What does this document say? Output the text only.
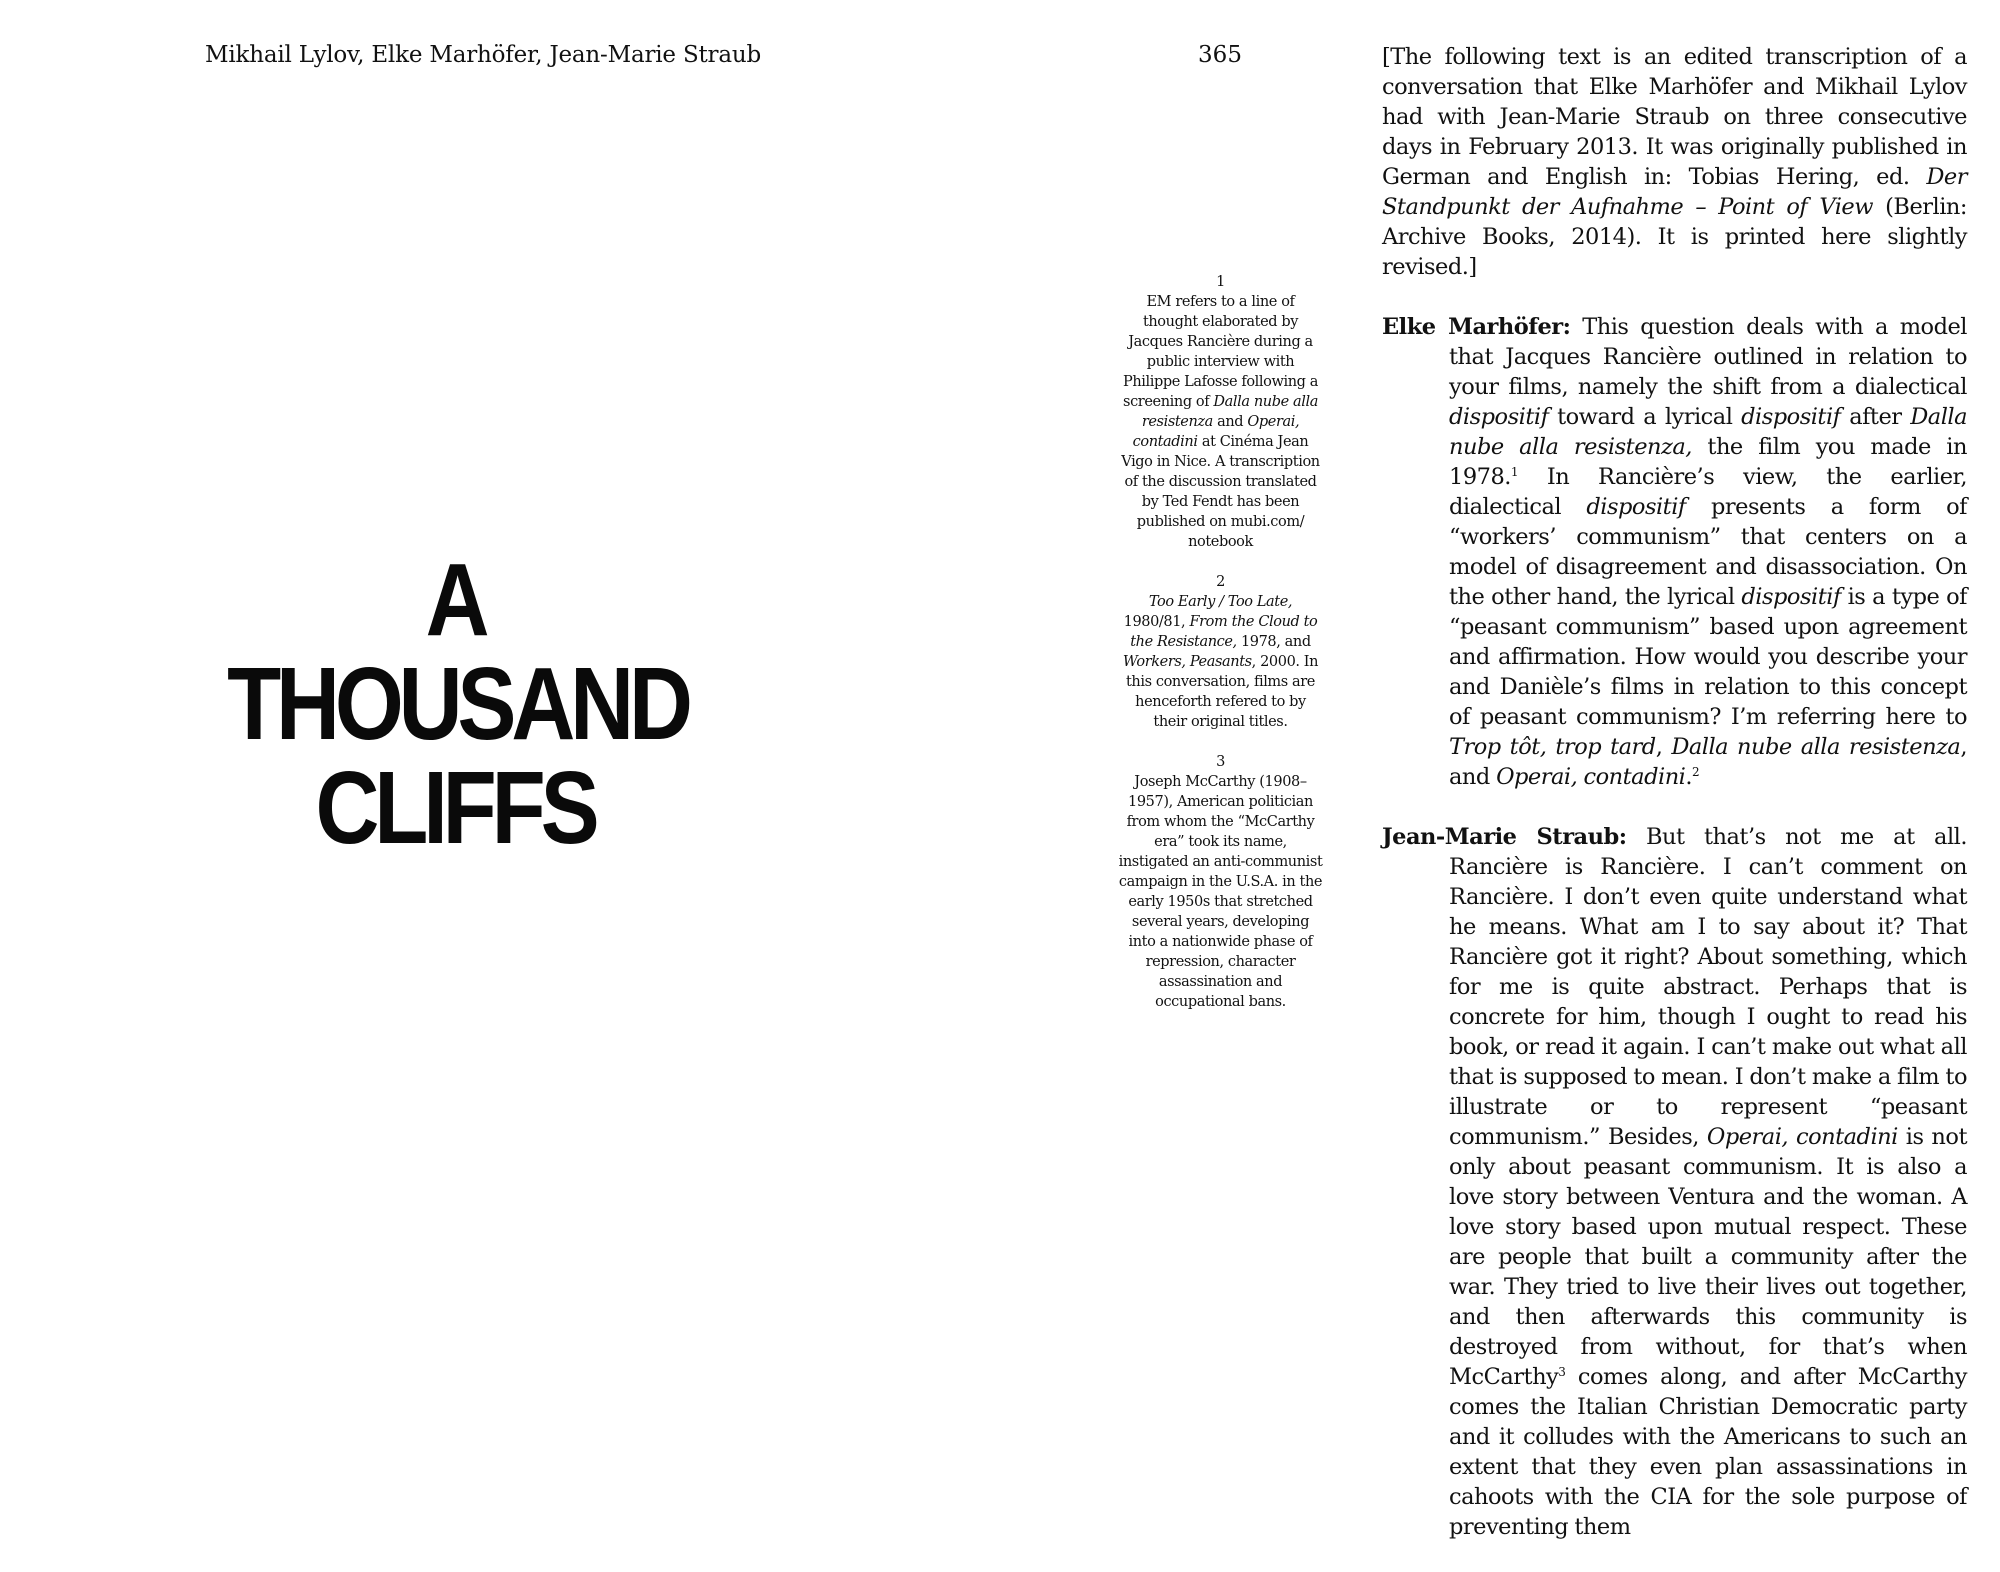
Mikhail Lylov, Elke Marhöfer, Jean-Marie Straub	365
A
THOUSAND
CLIFFS
1
EM refers to a line of thought elaborated by Jacques Rancière during a public interview with Philippe Lafosse following a screening of Dalla nube alla resistenza and Operai, contadini at Cinéma Jean Vigo in Nice. A transcription of the discussion translated by Ted Fendt has been published on mubi.com/ notebook
2
Too Early / Too Late, 1980/81, From the Cloud to the Resistance, 1978, and Workers, Peasants, 2000. In this conversation, films are henceforth refered to by their original titles.
3
Joseph McCarthy (1908–1957), American politician from whom the “McCarthy era” took its name, instigated an anti-communist campaign in the U.S.A. in the early 1950s that stretched several years, developing into a nationwide phase of repression, character assassination and occupational bans.

[The following text is an edited transcription of a conversation that Elke Marhöfer and Mikhail Lylov had with Jean-Marie Straub on three consecutive days in February 2013. It was originally published in German and English in: Tobias Hering, ed. Der Standpunkt der Aufnahme – Point of View (Berlin: Archive Books, 2014). It is printed here slightly revised.]

Elke Marhöfer: This question deals with a model that Jacques Rancière outlined in relation to your films, namely the shift from a dialectical dispositif toward a lyrical dispositif after Dalla nube alla resistenza, the film you made in 1978.$^1$ In Rancière’s view, the earlier, dialectical dispositif presents a form of “workers’ communism” that centers on a model of disagreement and disassociation. On the other hand, the lyrical dispositif is a type of “peasant communism” based upon agreement and affirmation. How would you describe your and Danièle’s films in relation to this concept of peasant communism? I’m referring here to Trop tôt, trop tard, Dalla nube alla resistenza, and Operai, contadini.$^2$

Jean-Marie Straub: But that’s not me at all. Rancière is Rancière. I can’t comment on Rancière. I don’t even quite understand what he means. What am I to say about it? That Rancière got it right? About something, which for me is quite abstract. Perhaps that is concrete for him, though I ought to read his book, or read it again. I can’t make out what all that is supposed to mean. I don’t make a film to illustrate or to represent “peasant communism.” Besides, Operai, contadini is not only about peasant communism. It is also a love story between Ventura and the woman. A love story based upon mutual respect. These are people that built a community after the war. They tried to live their lives out together, and then afterwards this community is destroyed from without, for that’s when McCarthy$^3$ comes along, and after McCarthy comes the Italian Christian Democratic party and it colludes with the Americans to such an extent that they even plan assassinations in cahoots with the CIA for the sole purpose of preventing them
